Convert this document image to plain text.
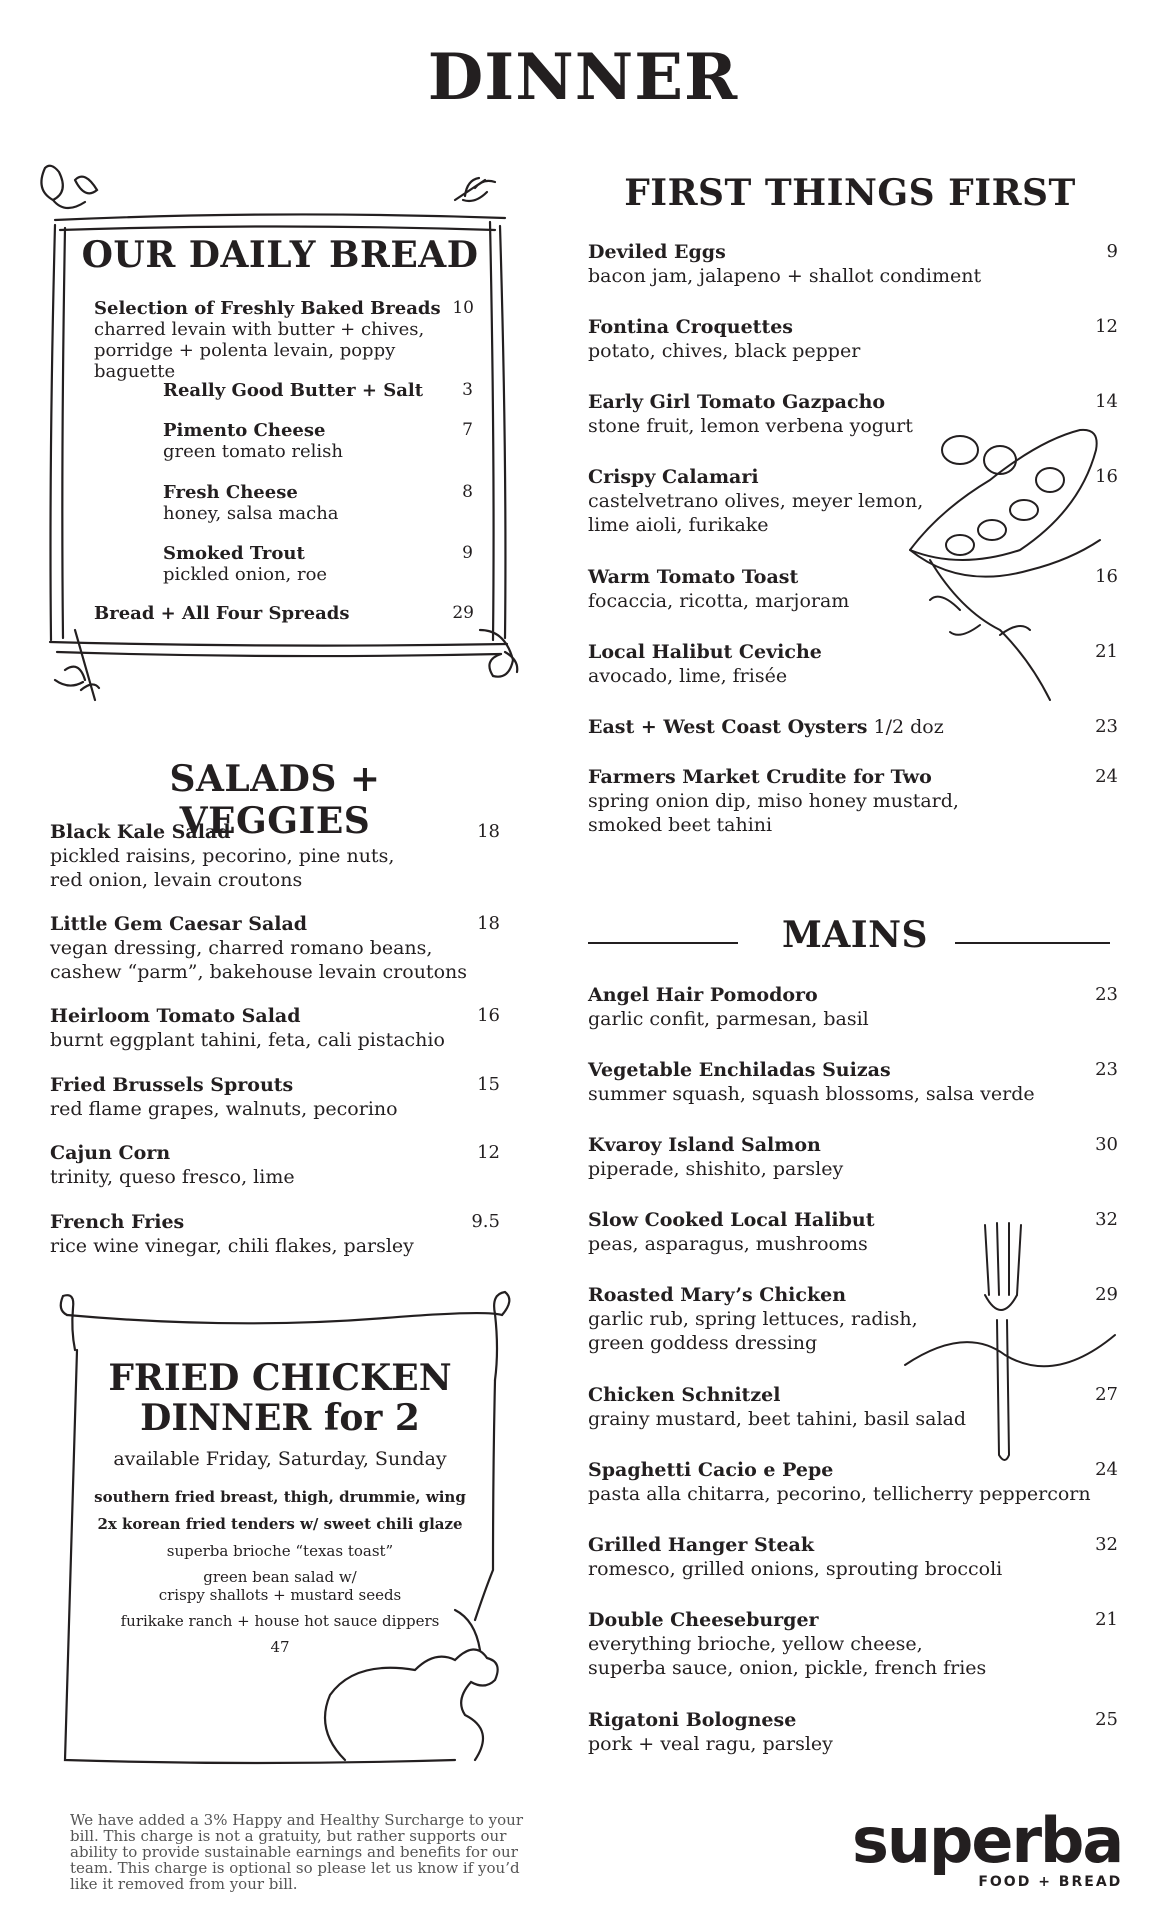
DINNER
OUR DAILY BREAD
Selection of Freshly Baked Breads
charred levain with butter + chives,
porridge + polenta levain, poppy baguette
10
Really Good Butter + Salt	3
Pimento Cheese
green tomato relish
7
Fresh Cheese
honey, salsa macha
8
Smoked Trout
pickled onion, roe
9
Bread + All Four Spreads	29
SALADS + VEGGIES
Black Kale Salad
pickled raisins, pecorino, pine nuts,
red onion, levain croutons
18
Little Gem Caesar Salad
vegan dressing, charred romano beans,
cashew “parm”, bakehouse levain croutons
18
Heirloom Tomato Salad
burnt eggplant tahini, feta, cali pistachio
16
Fried Brussels Sprouts
red flame grapes, walnuts, pecorino
15
Cajun Corn
trinity, queso fresco, lime
12
French Fries
rice wine vinegar, chili flakes, parsley
9.5
FRIED CHICKEN
DINNER for 2
available Friday, Saturday, Sunday
southern fried breast, thigh, drummie, wing
2x korean fried tenders w/ sweet chili glaze
superba brioche “texas toast”
green bean salad w/
crispy shallots + mustard seeds
furikake ranch + house hot sauce dippers
47
FIRST THINGS FIRST
Deviled Eggs
bacon jam, jalapeno + shallot condiment
9
Fontina Croquettes
potato, chives, black pepper
12
Early Girl Tomato Gazpacho
stone fruit, lemon verbena yogurt
14
Crispy Calamari
castelvetrano olives, meyer lemon,
lime aioli, furikake
16
Warm Tomato Toast
focaccia, ricotta, marjoram
16
Local Halibut Ceviche
avocado, lime, frisée
21
East + West Coast Oysters 1/2 doz	23
Farmers Market Crudite for Two
spring onion dip, miso honey mustard,
smoked beet tahini
24
MAINS
Angel Hair Pomodoro
garlic confit, parmesan, basil
23
Vegetable Enchiladas Suizas
summer squash, squash blossoms, salsa verde
23
Kvaroy Island Salmon
piperade, shishito, parsley
30
Slow Cooked Local Halibut
peas, asparagus, mushrooms
32
Roasted Mary’s Chicken
garlic rub, spring lettuces, radish,
green goddess dressing
29
Chicken Schnitzel
grainy mustard, beet tahini, basil salad
27
Spaghetti Cacio e Pepe
pasta alla chitarra, pecorino, tellicherry peppercorn
24
Grilled Hanger Steak
romesco, grilled onions, sprouting broccoli
32
Double Cheeseburger
everything brioche, yellow cheese,
superba sauce, onion, pickle, french fries
21
Rigatoni Bolognese
pork + veal ragu, parsley
25
We have added a 3% Happy and Healthy Surcharge to your
bill. This charge is not a gratuity, but rather supports our
ability to provide sustainable earnings and benefits for our
team. This charge is optional so please let us know if you’d
like it removed from your bill.
superba
FOOD + BREAD
